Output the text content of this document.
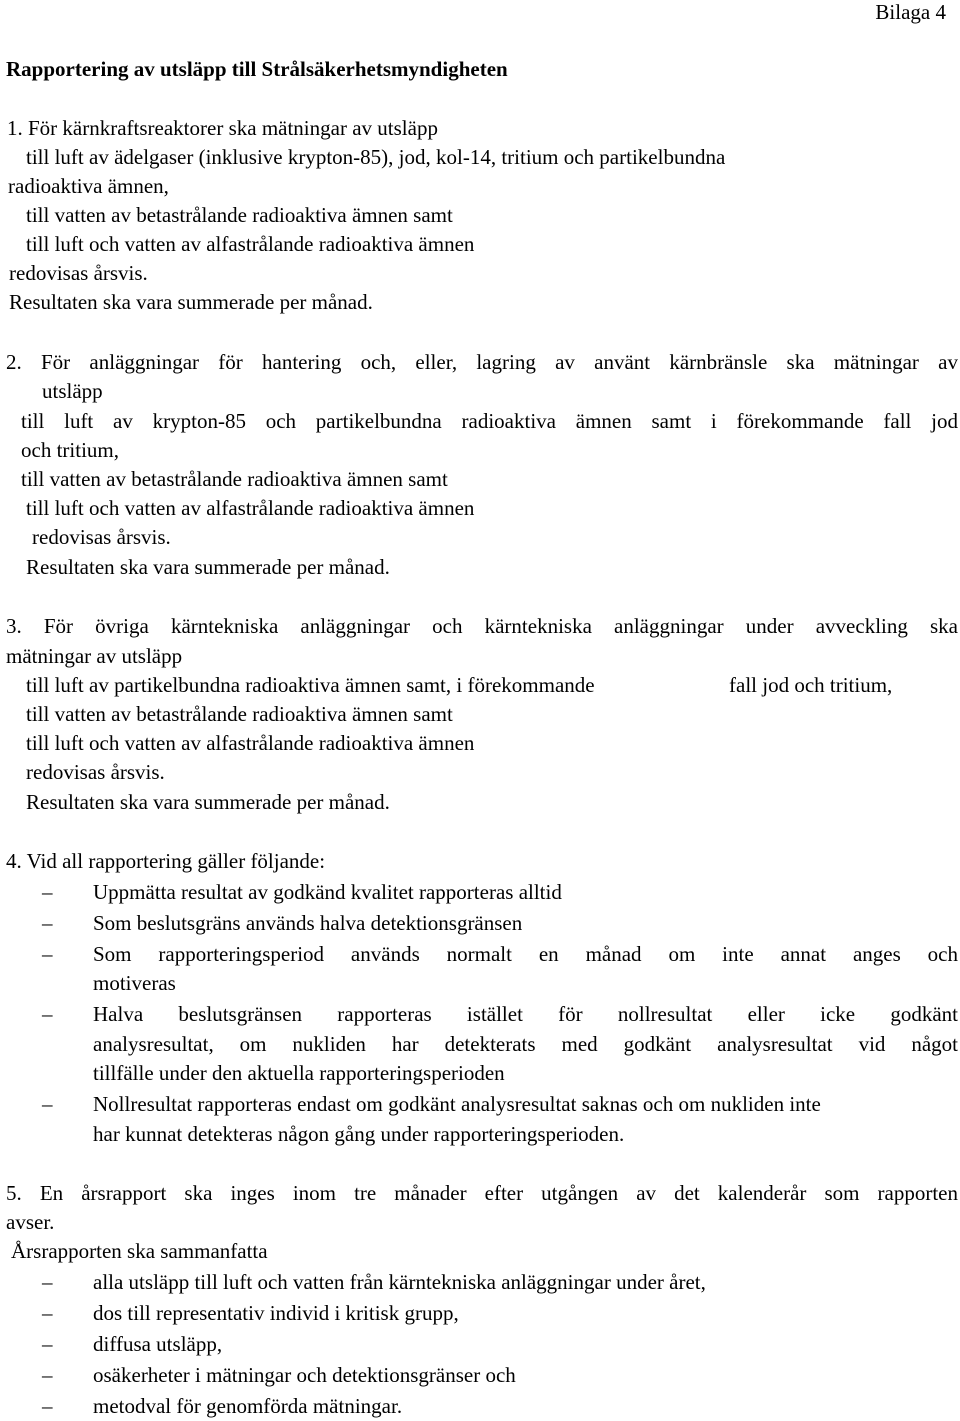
Bilaga 4
Rapportering av utsläpp till Strålsäkerhetsmyndigheten
1. För kärnkraftsreaktorer ska mätningar av utsläpp
till luft av ädelgaser (inklusive krypton-85), jod, kol-14, tritium och partikelbundna
radioaktiva ämnen,
till vatten av betastrålande radioaktiva ämnen samt
till luft och vatten av alfastrålande radioaktiva ämnen
redovisas årsvis.
Resultaten ska vara summerade per månad.
2. För anläggningar för hantering och, eller, lagring av använt kärnbränsle ska mätningar av
utsläpp
till luft av krypton-85 och partikelbundna radioaktiva ämnen samt i förekommande fall jod
och tritium,
till vatten av betastrålande radioaktiva ämnen samt
till luft och vatten av alfastrålande radioaktiva ämnen
redovisas årsvis.
Resultaten ska vara summerade per månad.
3. För övriga kärntekniska anläggningar och kärntekniska anläggningar under avveckling ska
mätningar av utsläpp
till luft av partikelbundna radioaktiva ämnen samt, i förekommande	fall jod och tritium,
till vatten av betastrålande radioaktiva ämnen samt
till luft och vatten av alfastrålande radioaktiva ämnen
redovisas årsvis.
Resultaten ska vara summerade per månad.
4. Vid all rapportering gäller följande:
– Uppmätta resultat av godkänd kvalitet rapporteras alltid
– Som beslutsgräns används halva detektionsgränsen
– Som rapporteringsperiod används normalt en månad om inte annat anges och
motiveras
– Halva beslutsgränsen rapporteras istället för nollresultat eller icke godkänt
analysresultat, om nukliden har detekterats med godkänt analysresultat vid något
tillfälle under den aktuella rapporteringsperioden
– Nollresultat rapporteras endast om godkänt analysresultat saknas och om nukliden inte
har kunnat detekteras någon gång under rapporteringsperioden.
5. En årsrapport ska inges inom tre månader efter utgången av det kalenderår som rapporten
avser.
Årsrapporten ska sammanfatta
– alla utsläpp till luft och vatten från kärntekniska anläggningar under året,
– dos till representativ individ i kritisk grupp,
– diffusa utsläpp,
– osäkerheter i mätningar och detektionsgränser och
– metodval för genomförda mätningar.
